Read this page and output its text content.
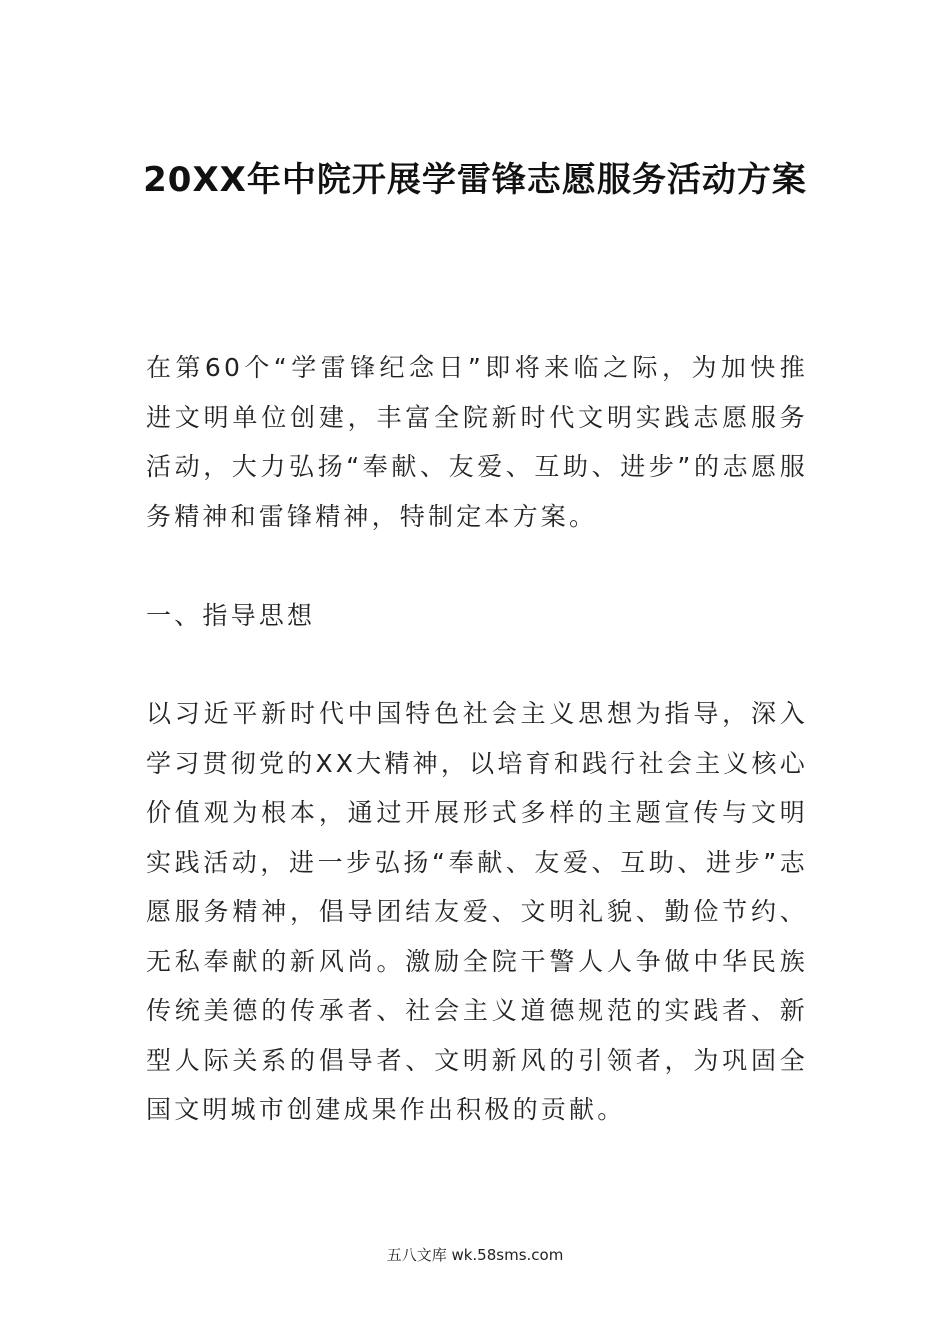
20XX年中院开展学雷锋志愿服务活动方案
在第60个“学雷锋纪念日”即将来临之际，为加快推进文明单位创建，丰富全院新时代文明实践志愿服务活动，大力弘扬“奉献、友爱、互助、进步”的志愿服务精神和雷锋精神，特制定本方案。
一、指导思想
以习近平新时代中国特色社会主义思想为指导，深入学习贯彻党的XX大精神，以培育和践行社会主义核心价值观为根本，通过开展形式多样的主题宣传与文明实践活动，进一步弘扬“奉献、友爱、互助、进步”志愿服务精神，倡导团结友爱、文明礼貌、勤俭节约、无私奉献的新风尚。激励全院干警人人争做中华民族传统美德的传承者、社会主义道德规范的实践者、新型人际关系的倡导者、文明新风的引领者，为巩固全国文明城市创建成果作出积极的贡献。
五八文库 wk.58sms.com
